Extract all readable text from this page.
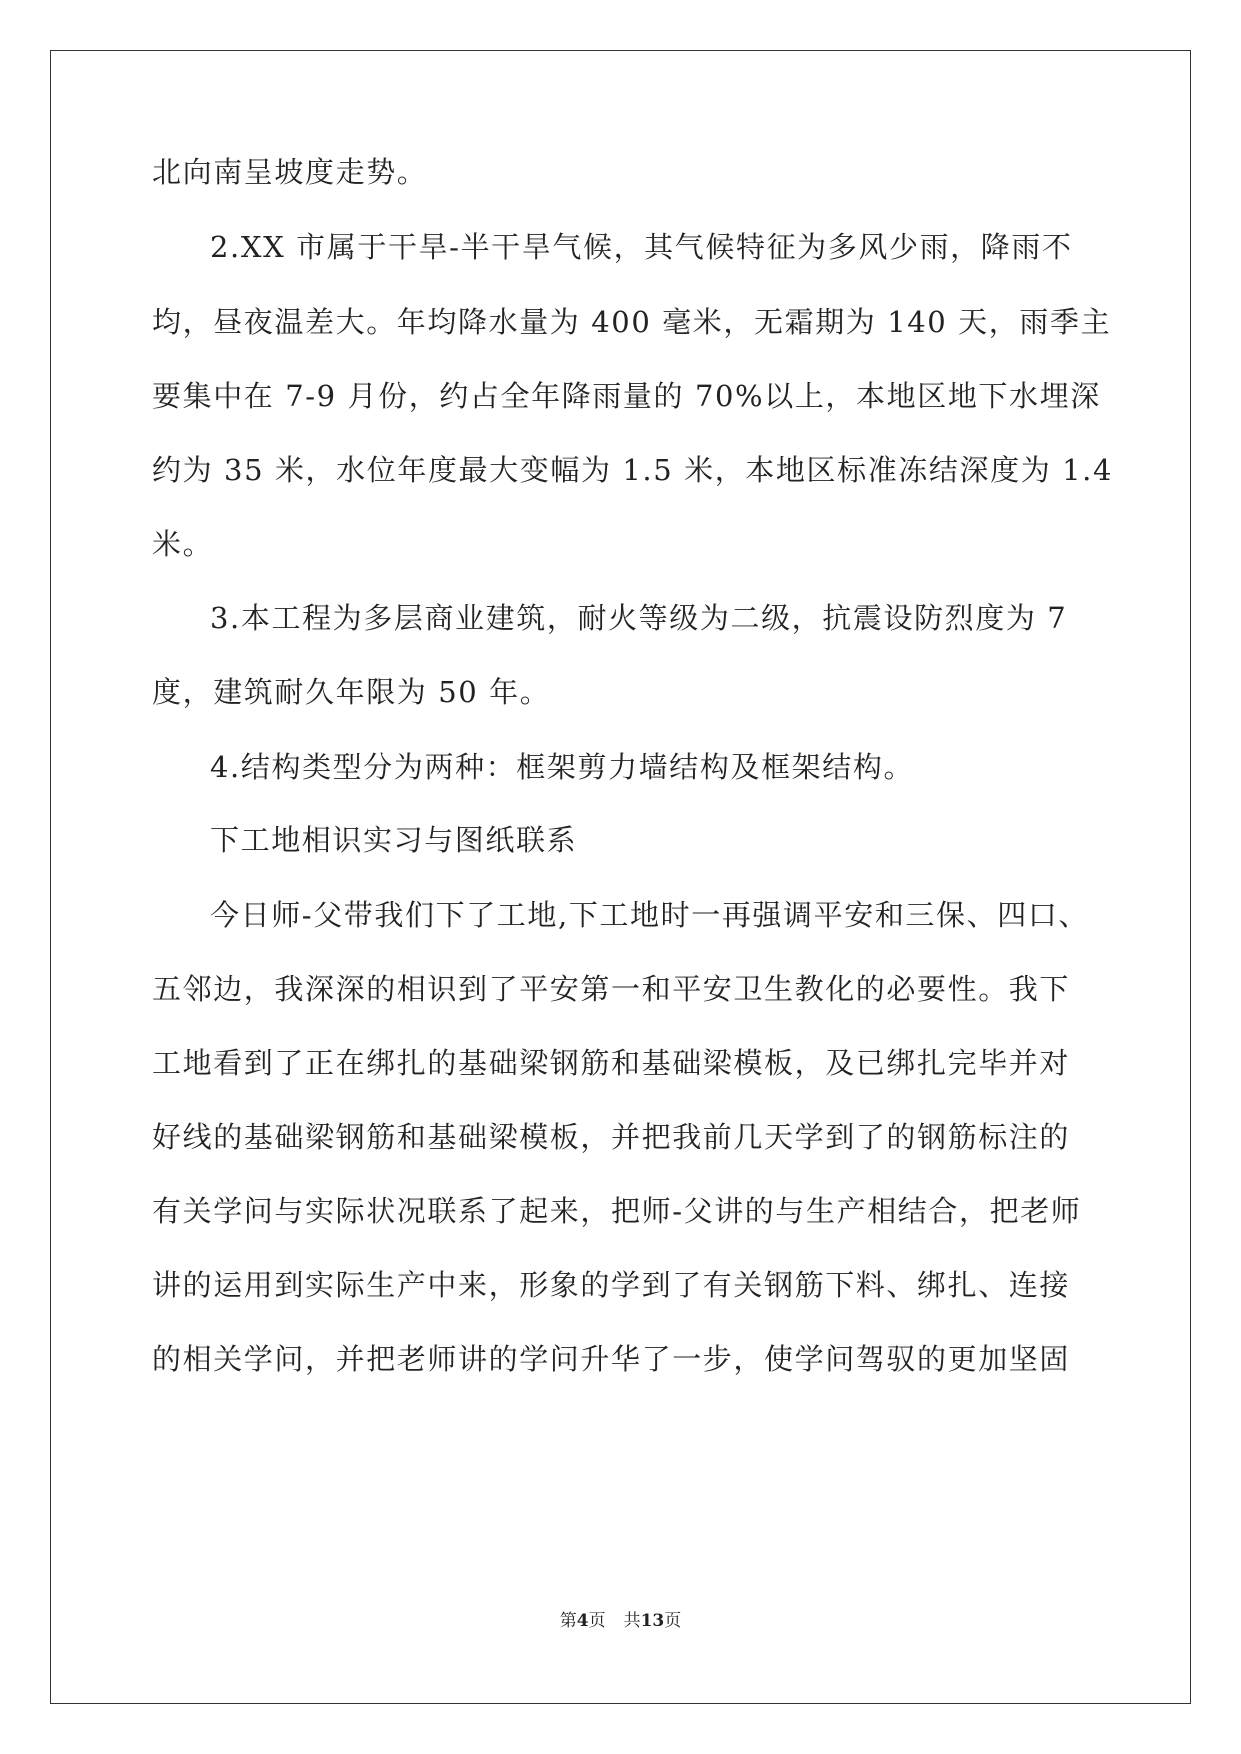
北向南呈坡度走势。
2.XX 市属于干旱-半干旱气候，其气候特征为多风少雨，降雨不
均，昼夜温差大。年均降水量为 400 毫米，无霜期为 140 天，雨季主
要集中在 7-9 月份，约占全年降雨量的 70%以上，本地区地下水埋深
约为 35 米，水位年度最大变幅为 1.5 米，本地区标准冻结深度为 1.4
米。
3.本工程为多层商业建筑，耐火等级为二级，抗震设防烈度为 7
度，建筑耐久年限为 50 年。
4.结构类型分为两种：框架剪力墙结构及框架结构。
下工地相识实习与图纸联系
今日师-父带我们下了工地,下工地时一再强调平安和三保、四口、
五邻边，我深深的相识到了平安第一和平安卫生教化的必要性。我下
工地看到了正在绑扎的基础梁钢筋和基础梁模板，及已绑扎完毕并对
好线的基础梁钢筋和基础梁模板，并把我前几天学到了的钢筋标注的
有关学问与实际状况联系了起来，把师-父讲的与生产相结合，把老师
讲的运用到实际生产中来，形象的学到了有关钢筋下料、绑扎、连接
的相关学问，并把老师讲的学问升华了一步，使学问驾驭的更加坚固
第4页 共13页
